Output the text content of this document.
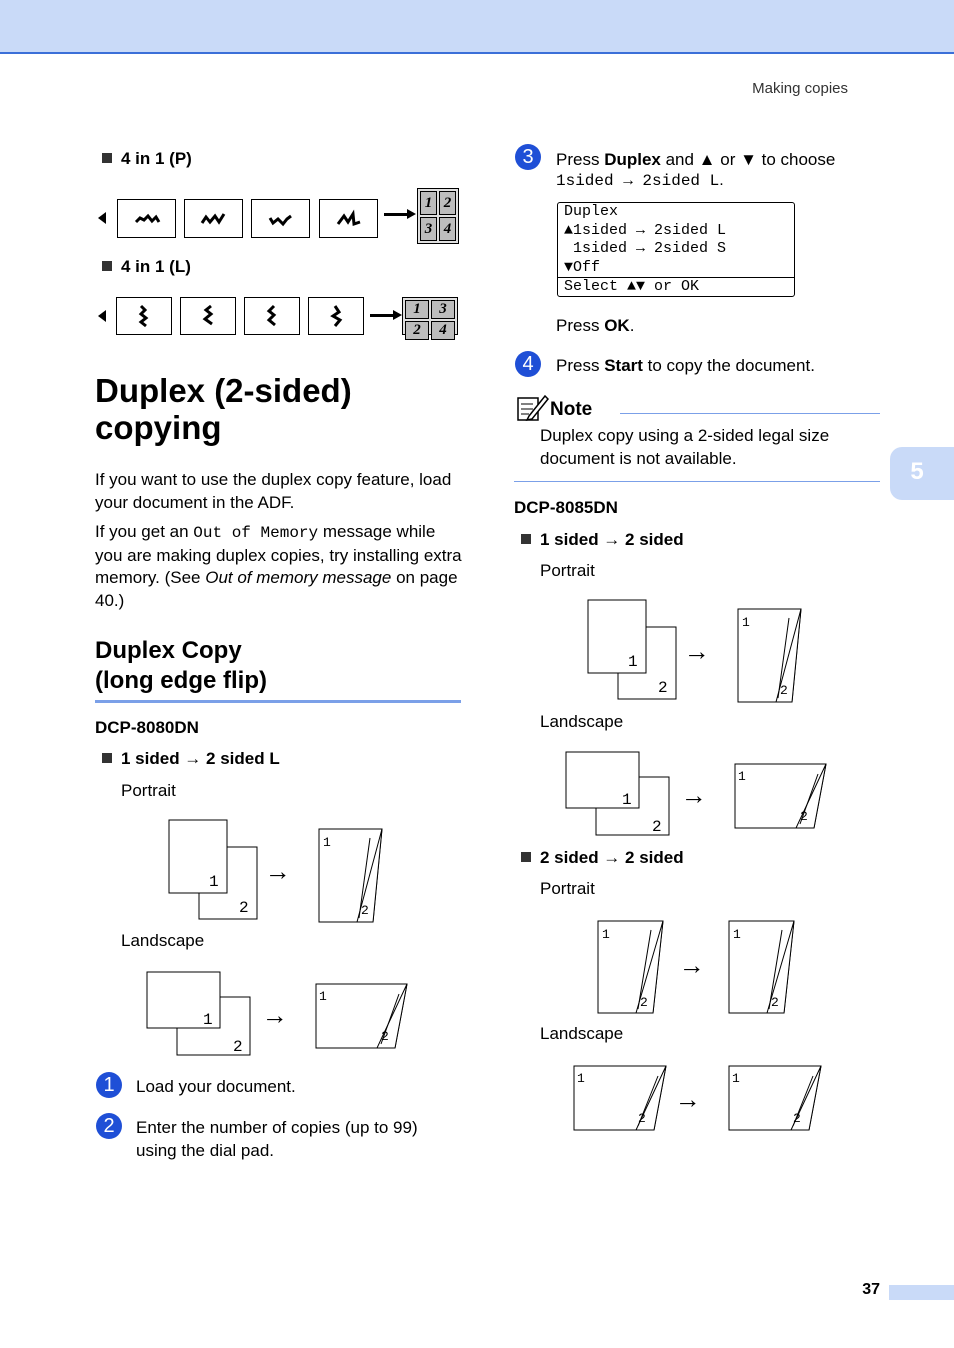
Making copies
4 in 1 (P)
1 2
3 4
4 in 1 (L)
1	3
2	4
Duplex (2-sided) copying
If you want to use the duplex copy feature, load your document in the ADF.
If you get an Out of Memory message while you are making duplex copies, try installing extra memory. (See Out of memory message on page 40.)
Duplex Copy
(long edge flip)
DCP-8080DN
1 sided → 2 sided L
Portrait
2
1 →
1
2
Landscape
2
1 →
1
2
1	Load your document.
2	Enter the number of copies (up to 99) using the dial pad.
3	Press Duplex and ▲ or ▼ to choose
1sided → 2sided L.
Duplex
▲1sided → 2sided L
1sided → 2sided S
▼Off
Select ▲▼ or OK
Press OK.
4	Press Start to copy the document.
Note
Duplex copy using a 2-sided legal size document is not available.
DCP-8085DN
1 sided → 2 sided
Portrait
2
1 →
1
2
Landscape
2
1 →
1
2
2 sided → 2 sided
Portrait
1
2
→
1
2
Landscape
1
2
→
1
2
5
37
